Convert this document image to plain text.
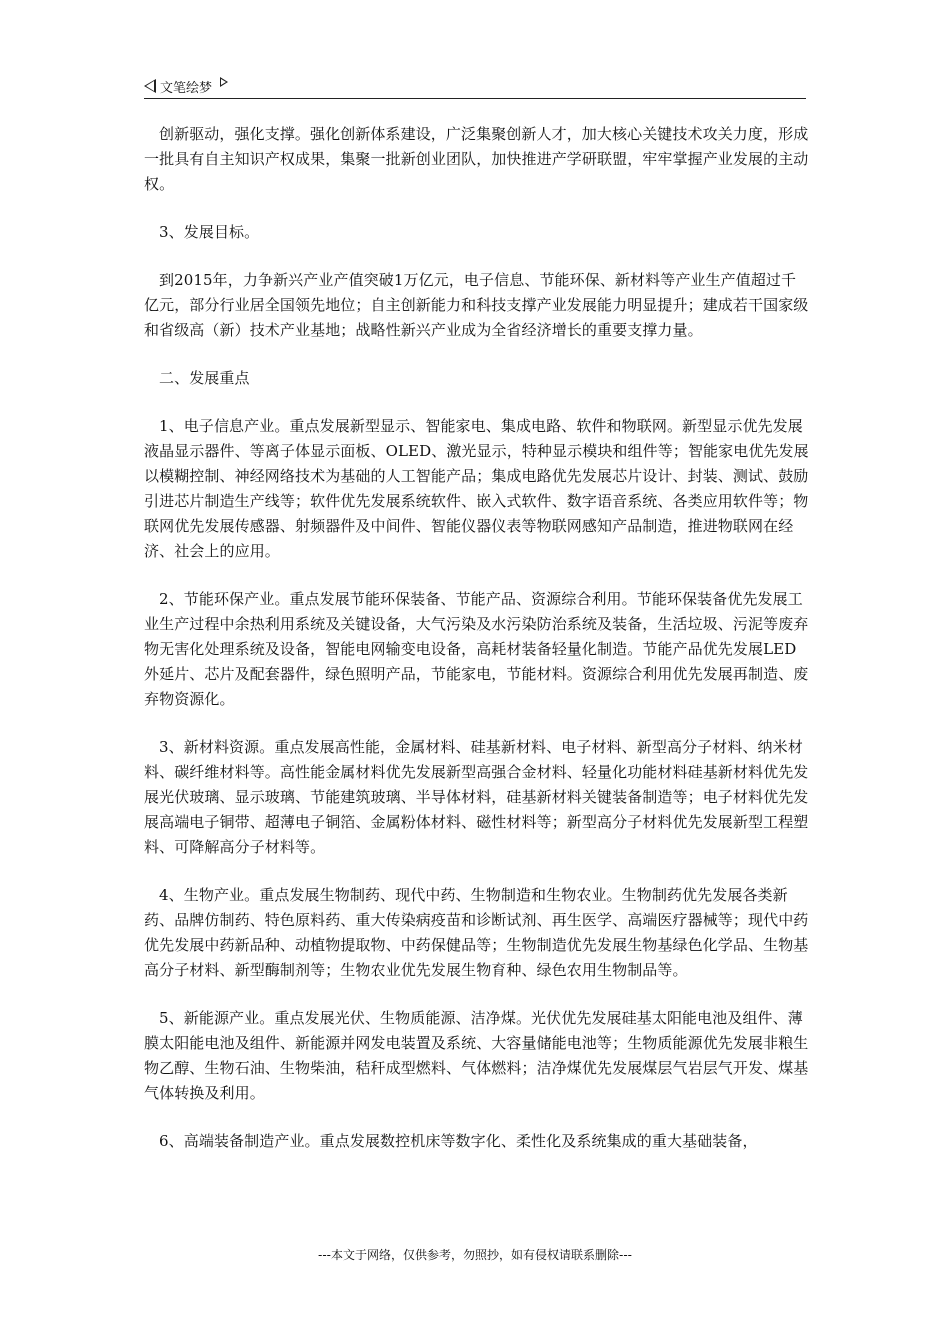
文笔绘梦

创新驱动，强化支撑。强化创新体系建设，广泛集聚创新人才，加大核心关键技术攻关力度，形成一批具有自主知识产权成果，集聚一批新创业团队，加快推进产学研联盟，牢牢掌握产业发展的主动权。

3、发展目标。

到2015年，力争新兴产业产值突破1万亿元，电子信息、节能环保、新材料等产业生产值超过千亿元，部分行业居全国领先地位；自主创新能力和科技支撑产业发展能力明显提升；建成若干国家级和省级高（新）技术产业基地；战略性新兴产业成为全省经济增长的重要支撑力量。

二、发展重点

1、电子信息产业。重点发展新型显示、智能家电、集成电路、软件和物联网。新型显示优先发展液晶显示器件、等离子体显示面板、OLED、激光显示，特种显示模块和组件等；智能家电优先发展以模糊控制、神经网络技术为基础的人工智能产品；集成电路优先发展芯片设计、封装、测试、鼓励引进芯片制造生产线等；软件优先发展系统软件、嵌入式软件、数字语音系统、各类应用软件等；物联网优先发展传感器、射频器件及中间件、智能仪器仪表等物联网感知产品制造，推进物联网在经济、社会上的应用。

2、节能环保产业。重点发展节能环保装备、节能产品、资源综合利用。节能环保装备优先发展工业生产过程中余热利用系统及关键设备，大气污染及水污染防治系统及装备，生活垃圾、污泥等废弃物无害化处理系统及设备，智能电网输变电设备，高耗材装备轻量化制造。节能产品优先发展LED外延片、芯片及配套器件，绿色照明产品，节能家电，节能材料。资源综合利用优先发展再制造、废弃物资源化。

3、新材料资源。重点发展高性能，金属材料、硅基新材料、电子材料、新型高分子材料、纳米材料、碳纤维材料等。高性能金属材料优先发展新型高强合金材料、轻量化功能材料硅基新材料优先发展光伏玻璃、显示玻璃、节能建筑玻璃、半导体材料，硅基新材料关键装备制造等；电子材料优先发展高端电子铜带、超薄电子铜箔、金属粉体材料、磁性材料等；新型高分子材料优先发展新型工程塑料、可降解高分子材料等。

4、生物产业。重点发展生物制药、现代中药、生物制造和生物农业。生物制药优先发展各类新药、品牌仿制药、特色原料药、重大传染病疫苗和诊断试剂、再生医学、高端医疗器械等；现代中药优先发展中药新品种、动植物提取物、中药保健品等；生物制造优先发展生物基绿色化学品、生物基高分子材料、新型酶制剂等；生物农业优先发展生物育种、绿色农用生物制品等。

5、新能源产业。重点发展光伏、生物质能源、洁净煤。光伏优先发展硅基太阳能电池及组件、薄膜太阳能电池及组件、新能源并网发电装置及系统、大容量储能电池等；生物质能源优先发展非粮生物乙醇、生物石油、生物柴油，秸秆成型燃料、气体燃料；洁净煤优先发展煤层气岩层气开发、煤基气体转换及利用。

6、高端装备制造产业。重点发展数控机床等数字化、柔性化及系统集成的重大基础装备，

---本文于网络，仅供参考，勿照抄，如有侵权请联系删除---
